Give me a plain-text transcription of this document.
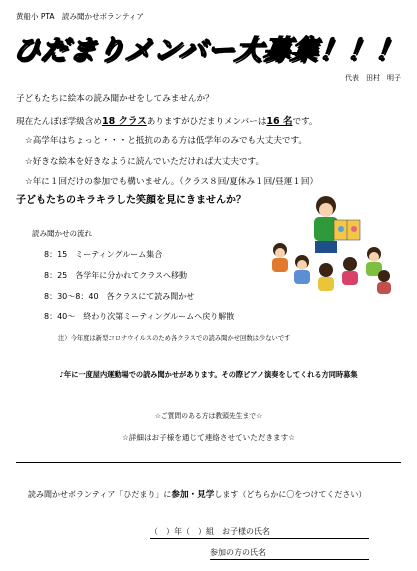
黄船小 PTA　読み聞かせボランティア
ひだまりメンバー大募集！！！
代表　田村　明子
子どもたちに絵本の読み聞かせをしてみませんか？
現在たんぽぽ学級含め18 クラスありますがひだまりメンバーは16 名です。
☆高学年はちょっと・・・と抵抗のある方は低学年のみでも大丈夫です。
☆好きな絵本を好きなように読んでいただければ大丈夫です。
☆年に１回だけの参加でも構いません。（クラス８回/夏休み１回/昼運１回）
子どもたちのキラキラした笑顔を見にきませんか？
読み聞かせの流れ
8：15　ミーティングルーム集合
8：25　各学年に分かれてクラスへ移動
8：30～8：40　各クラスにて読み聞かせ
8：40～　終わり次第ミーティングルームへ戻り解散
注）今年度は新型コロナウイルスのため各クラスでの読み聞かせ回数は少ないです
♪年に一度屋内運動場での読み聞かせがあります。その際ピアノ演奏をしてくれる方同時募集
☆ご質問のある方は教頭先生まで☆
☆詳細はお子様を通じて連絡させていただきます☆
読み聞かせボランティア「ひだまり」に参加・見学します（どちらかに〇をつけてください）
（　）年（　）組　お子様の氏名
参加の方の氏名
